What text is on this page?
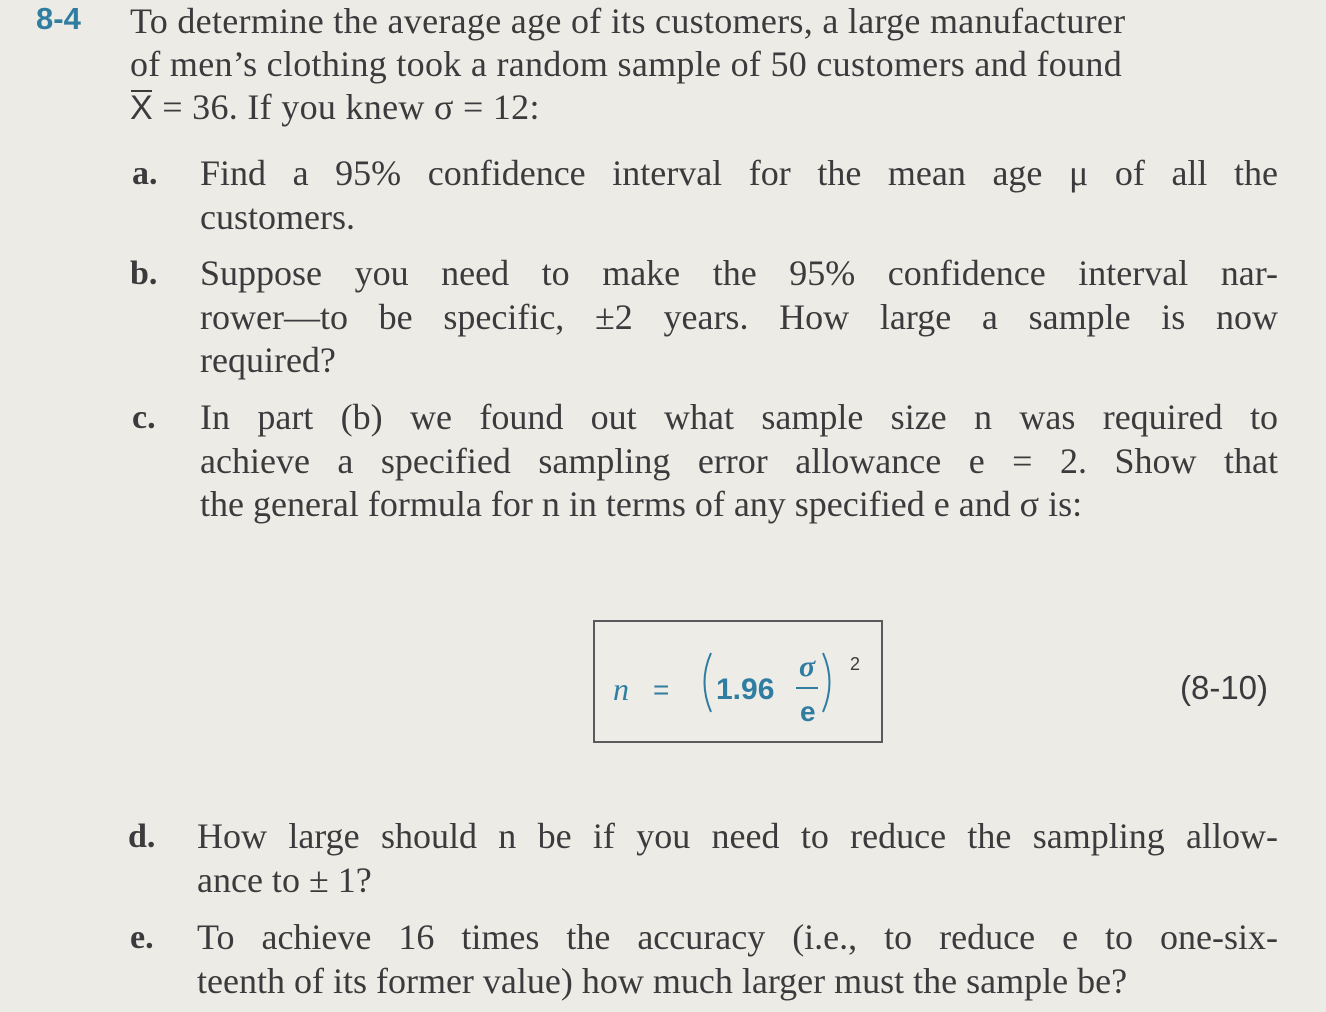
8-4 To determine the average age of its customers, a large manufacturer
of men’s clothing took a random sample of 50 customers and found
X = 36. If you knew σ = 12:
a. Find a 95% confidence interval for the mean age μ of all the
customers.
b. Suppose you need to make the 95% confidence interval nar-
rower—to be specific, ±2 years. How large a sample is now
required?
c. In part (b) we found out what sample size n was required to
achieve a specified sampling error allowance e = 2. Show that
the general formula for n in terms of any specified e and σ is:
n = 1.96
σ
e
2
(8-10)
d. How large should n be if you need to reduce the sampling allow-
ance to ± 1?
e. To achieve 16 times the accuracy (i.e., to reduce e to one-six-
teenth of its former value) how much larger must the sample be?
